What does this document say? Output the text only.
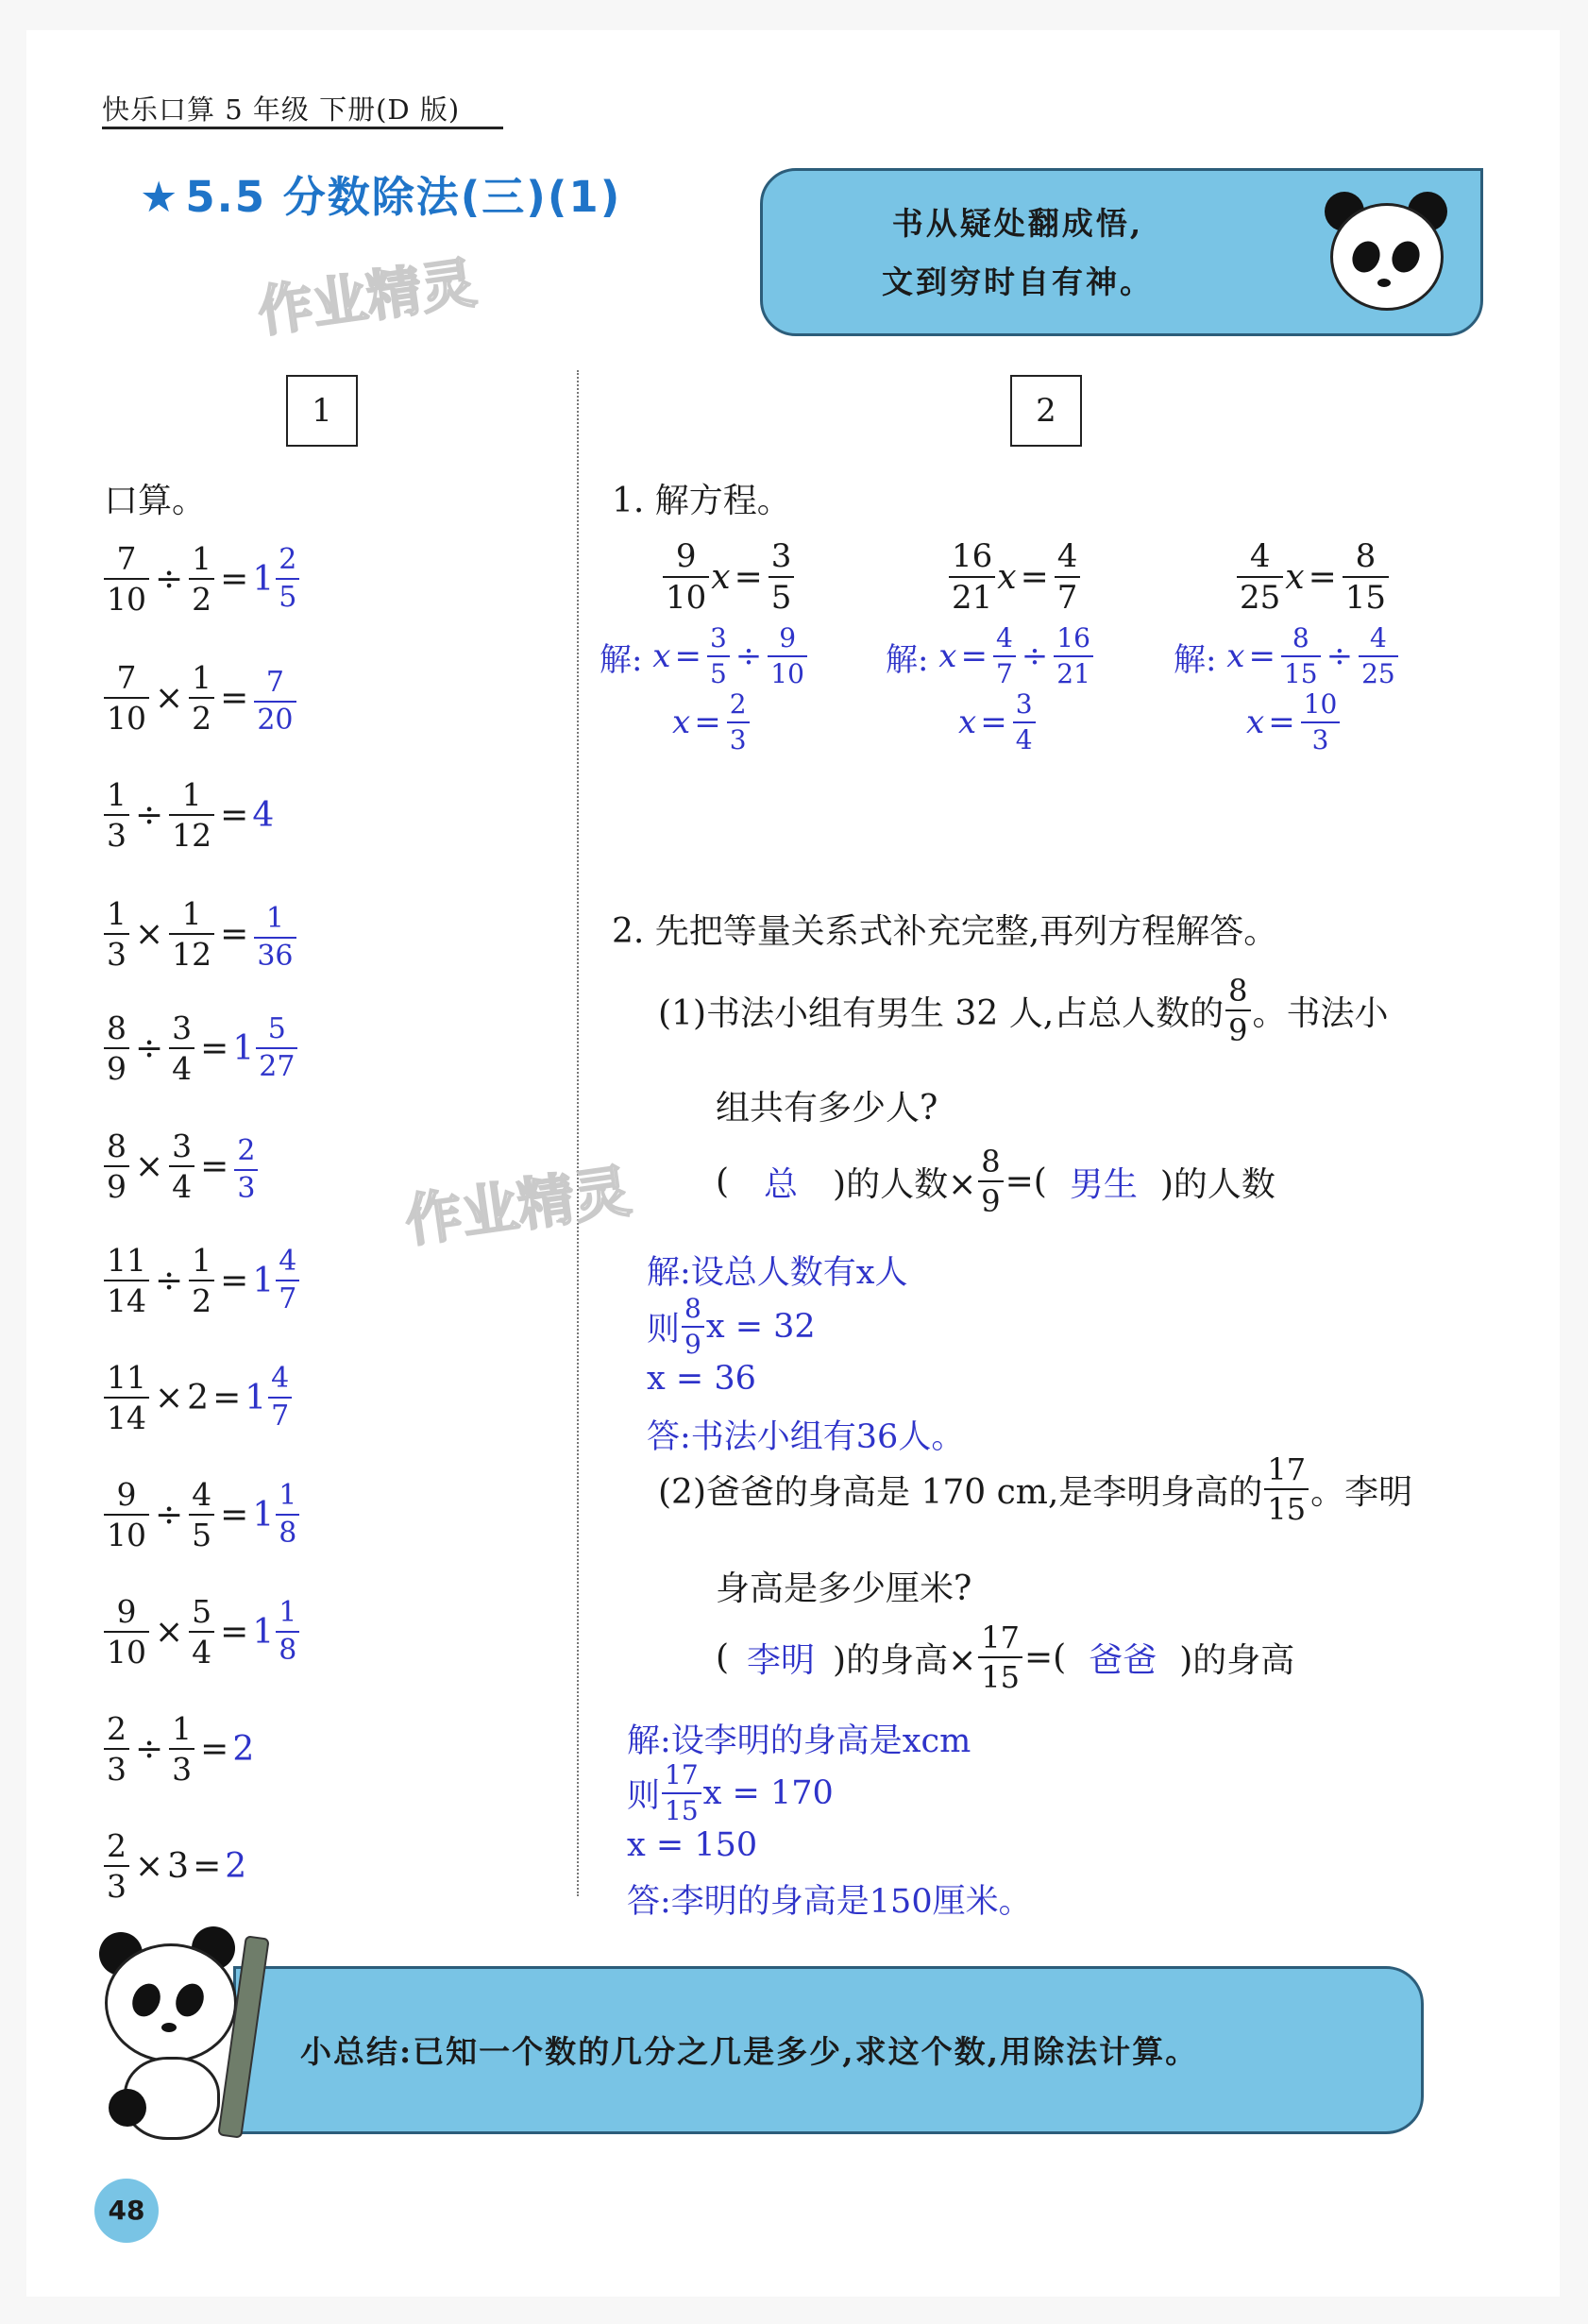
快乐口算 5 年级 下册(D 版)
★ 5.5 分数除法(三)(1)
作业精灵
书从疑处翻成悟,
文到穷时自有神。
1	2
口算。
$\frac{7}{10} \div \frac{1}{2} = 1 \frac{2}{5}$
$\frac{7}{10} \times \frac{1}{2} = \frac{7}{20}$
$\frac{1}{3} \div \frac{1}{12} = 4$
$\frac{1}{3} \times \frac{1}{12} = \frac{1}{36}$
$\frac{8}{9} \div \frac{3}{4} = 1 \frac{5}{27}$
$\frac{8}{9} \times \frac{3}{4} = \frac{2}{3}$
$\frac{11}{14} \div \frac{1}{2} = 1 \frac{4}{7}$
$\frac{11}{14} \times 2 = 1 \frac{4}{7}$
$\frac{9}{10} \div \frac{4}{5} = 1 \frac{1}{8}$
$\frac{9}{10} \times \frac{5}{4} = 1 \frac{1}{8}$
$\frac{2}{3} \div \frac{1}{3} = 2$
$\frac{2}{3} \times 3 = 2$
1. 解方程。
$\frac{9}{10}$ $x = \frac{3}{5}$
解:
$x = \frac{3}{5} \div \frac{9}{10}$
$x = \frac{2}{3}$
$\frac{16}{21}$ $x = \frac{4}{7}$
解:
$x = \frac{4}{7} \div \frac{16}{21}$
$x = \frac{3}{4}$
$\frac{4}{25}$ $x = \frac{8}{15}$
解:
$x = \frac{8}{15} \div \frac{4}{25}$
$x = \frac{10}{3}$
2. 先把等量关系式补充完整,再列方程解答。
(1)书法小组有男生 32 人,占总人数的 $\frac{8}{9}$ 。书法小
组共有多少人?
(	总	)的人数× $\frac{8}{9}$ =( 男生 )的人数
解:设总人数有x人
则 $\frac{8}{9}$ x = 32
x = 36
答:书法小组有36人。
(2)爸爸的身高是 170 cm,是李明身高的 $\frac{17}{15}$ 。李明
身高是多少厘米?
( 李明 )的身高× $\frac{17}{15}$ =( 爸爸 )的身高
解:设李明的身高是xcm
则 $\frac{17}{15}$ x = 170
x = 150
答:李明的身高是150厘米。
作业精灵
小总结:已知一个数的几分之几是多少,求这个数,用除法计算。
48
